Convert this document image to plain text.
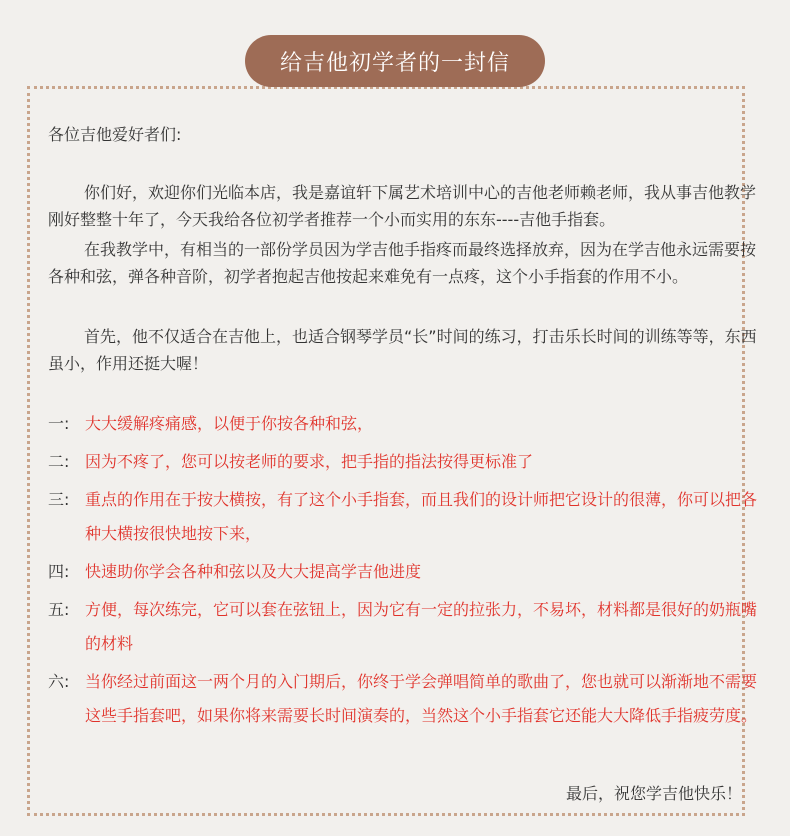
给吉他初学者的一封信
各位吉他爱好者们:
你们好，欢迎你们光临本店，我是嘉谊轩下属艺术培训中心的吉他老师赖老师，我从事吉他教学刚好整整十年了，今天我给各位初学者推荐一个小而实用的东东----吉他手指套。
在我教学中，有相当的一部份学员因为学吉他手指疼而最终选择放弃，因为在学吉他永远需要按各种和弦，弹各种音阶，初学者抱起吉他按起来难免有一点疼，这个小手指套的作用不小。
首先，他不仅适合在吉他上，也适合钢琴学员“长”时间的练习，打击乐长时间的训练等等，东西虽小，作用还挺大喔！
一: 大大缓解疼痛感，以便于你按各种和弦，
二: 因为不疼了，您可以按老师的要求，把手指的指法按得更标准了
三: 重点的作用在于按大横按，有了这个小手指套，而且我们的设计师把它设计的很薄，你可以把各种大横按很快地按下来，
四: 快速助你学会各种和弦以及大大提高学吉他进度
五: 方便，每次练完，它可以套在弦钮上，因为它有一定的拉张力，不易坏，材料都是很好的奶瓶嘴的材料
六: 当你经过前面这一两个月的入门期后，你终于学会弹唱简单的歌曲了，您也就可以渐渐地不需要这些手指套吧，如果你将来需要长时间演奏的，当然这个小手指套它还能大大降低手指疲劳度。
最后，祝您学吉他快乐！
